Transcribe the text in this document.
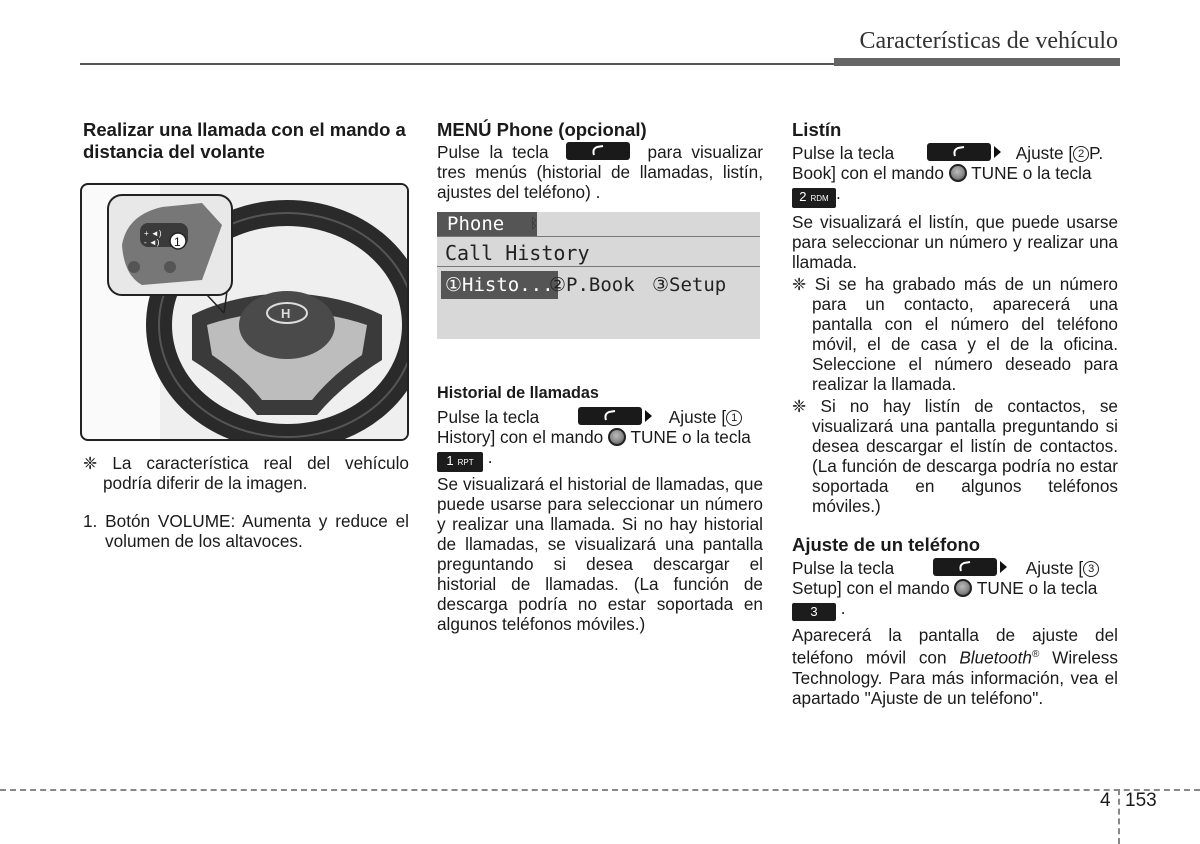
Características de vehículo
Realizar una llamada con el mando a distancia del volante
H
+ ◄)
- ◄) 1

❈ La característica real del vehículo podría diferir de la imagen.

1. Botón VOLUME: Aumenta y reduce el volumen de los altavoces.

MENÚ Phone (opcional)

Pulse la tecla	para visualizar tres menús (historial de llamadas, listín, ajustes del teléfono) .

Phone	ᛒ
Call History
①Histo...
②P.Book ③Setup
Historial de llamadas

Pulse la tecla	Ajuste [ 1

History] con el mando TUNE o la tecla

1 RPT .

Se visualizará el historial de llamadas, que puede usarse para seleccionar un número y realizar una llamada. Si no hay historial de llamadas, se visualizará una pantalla preguntando si desea descargar el historial de llamadas. (La función de descarga podría no estar soportada en algunos teléfonos móviles.)

Listín

Pulse la tecla	Ajuste [ 2 P.

Book] con el mando TUNE o la tecla

2 RDM .

Se visualizará el listín, que puede usarse para seleccionar un número y realizar una llamada.

❈ Si se ha grabado más de un número para un contacto, aparecerá una pantalla con el número del teléfono móvil, el de casa y el de la oficina. Seleccione el número deseado para realizar la llamada.

❈ Si no hay listín de contactos, se visualizará una pantalla preguntando si desea descargar el listín de contactos. (La función de descarga podría no estar soportada en algunos teléfonos móviles.)

Ajuste de un teléfono

Pulse la tecla	Ajuste [ 3

Setup] con el mando TUNE o la tecla

3 .

Aparecerá la pantalla de ajuste del teléfono móvil con Bluetooth® Wireless Technology. Para más información, vea el apartado "Ajuste de un teléfono".

4 153
